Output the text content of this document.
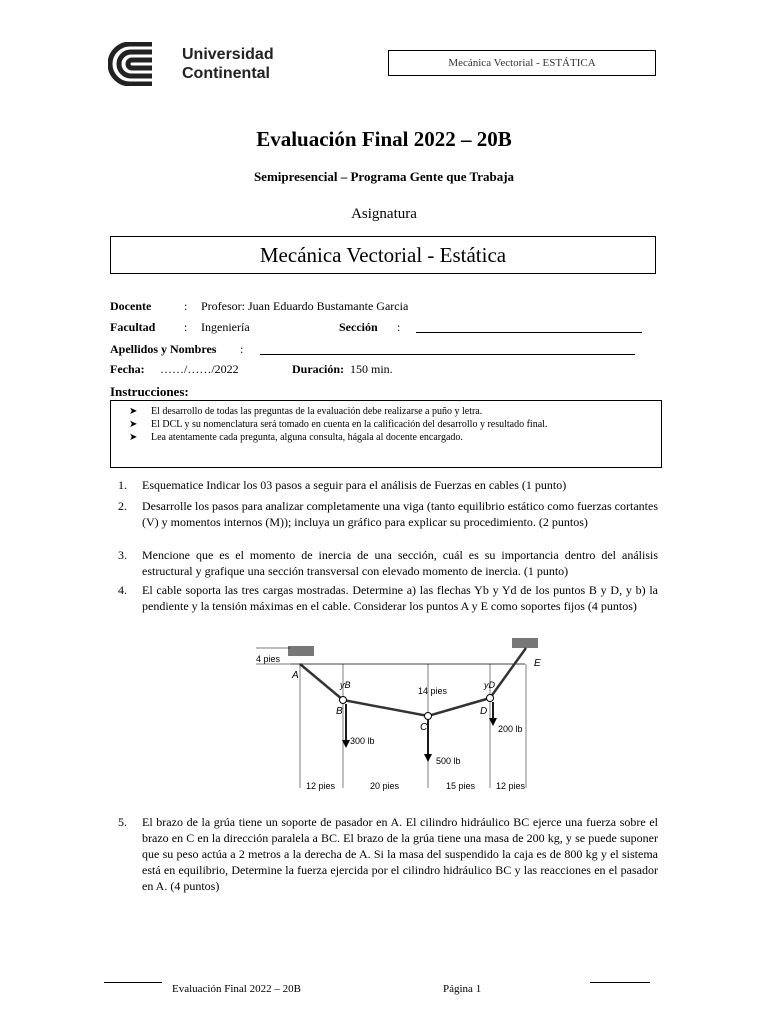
Universidad
Continental
Mecánica Vectorial - ESTÁTICA
Evaluación Final 2022 – 20B
Semipresencial – Programa Gente que Trabaja
Asignatura
Mecánica Vectorial - Estática
Docente	: Profesor: Juan Eduardo Bustamante Garcia
Facultad : Ingeniería	Sección :
Apellidos y Nombres :
Fecha: ……/……/2022	Duración: 150 min.
Instrucciones:
➤	El desarrollo de todas las preguntas de la evaluación debe realizarse a puño y letra.
➤	El DCL y su nomenclatura será tomado en cuenta en la calificación del desarrollo y resultado final.
➤	Lea atentamente cada pregunta, alguna consulta, hágala al docente encargado.
1.	Esquematice Indicar los 03 pasos a seguir para el análisis de Fuerzas en cables (1 punto)
2.	Desarrolle los pasos para analizar completamente una viga (tanto equilibrio estático como fuerzas cortantes (V) y momentos internos (M)); incluya un gráfico para explicar su procedimiento. (2 puntos)
3.	Mencione que es el momento de inercia de una sección, cuál es su importancia dentro del análisis estructural y grafique una sección transversal con elevado momento de inercia. (1 punto)
4.	El cable soporta las tres cargas mostradas. Determine a) las flechas Yb y Yd de los puntos B y D, y b) la pendiente y la tensión máximas en el cable. Considerar los puntos A y E como soportes fijos (4 puntos)
4 pies
A
B
C
D
E
yB	yD
14 pies
300 lb
500 lb
200 lb
12 pies	20 pies	15 pies 12 pies
5.	El brazo de la grúa tiene un soporte de pasador en A. El cilindro hidráulico BC ejerce una fuerza sobre el brazo en C en la dirección paralela a BC. El brazo de la grúa tiene una masa de 200 kg, y se puede suponer que su peso actúa a 2 metros a la derecha de A. Si la masa del suspendido la caja es de 800 kg y el sistema está en equilibrio, Determine la fuerza ejercida por el cilindro hidráulico BC y las reacciones en el pasador en A. (4 puntos)
Evaluación Final 2022 – 20B	Página 1
